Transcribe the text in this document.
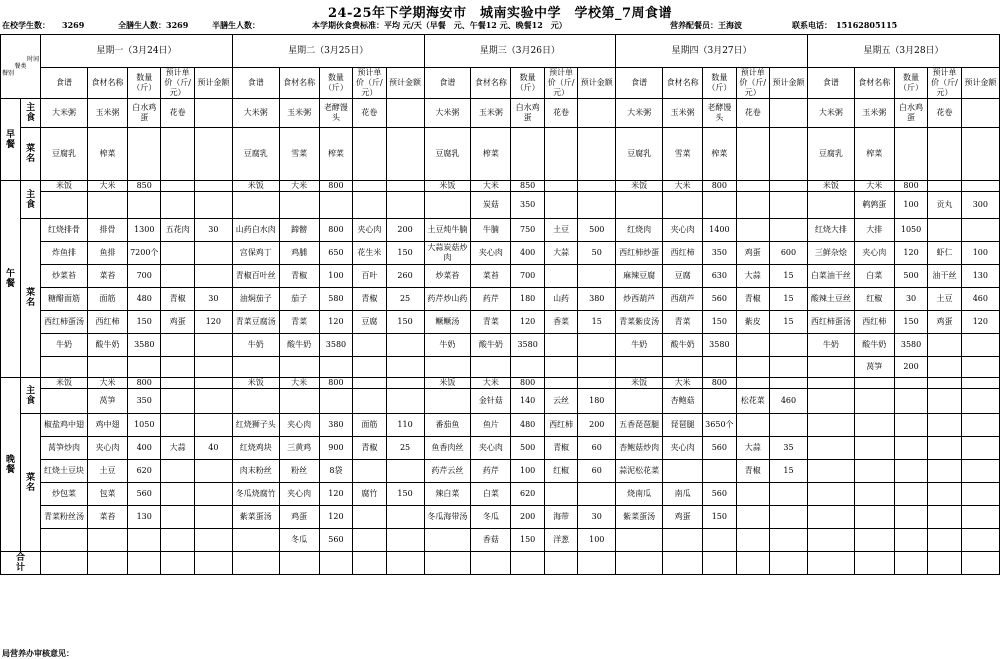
24-25年下学期海安市　城南实验中学　学校第_7周食谱
在校学生数：　　3269	全膳生人数：3269	半膳生人数：	本学期伙食费标准：平均 元/天（早餐　元、午餐12 元、晚餐12　元）	营养配餐员：王海波	联系电话：　15162805115
时间
餐类
餐别		星期一（3月24日）					星期二（3月25日）					星期三（3月26日）					星期四（3月27日）					星期五（3月28日）				
		食谱	食材名称	数量（斤）	预计单价（斤/元）	预计金额	食谱	食材名称	数量（斤）	预计单价（斤/元）	预计金额	食谱	食材名称	数量（斤）	预计单价（斤/元）	预计金额	食谱	食材名称	数量（斤）	预计单价（斤/元）	预计金额	食谱	食材名称	数量（斤）	预计单价（斤/元）	预计金额
早
餐	主
食	大米粥	玉米粥	白水鸡蛋	花卷		大米粥	玉米粥	老酵馒头	花卷		大米粥	玉米粥	白水鸡蛋	花卷		大米粥	玉米粥	老酵馒头	花卷		大米粥	玉米粥	白水鸡蛋	花卷	
	菜
名	豆腐乳	榨菜				豆腐乳	雪菜	榨菜			豆腐乳	榨菜				豆腐乳	雪菜	榨菜			豆腐乳	榨菜			
午
餐	主
食	米饭	大米	850			米饭	大米	800			米饭	大米	850			米饭	大米	800			米饭	大米	800		
													炭菇	350									鹌鹑蛋	100	贡丸	300
	菜
名	红烧排骨	排骨	1300	五花肉	30	山药白水肉	蹄髈	800	夹心肉	200	土豆炖牛腩	牛腩	750	土豆	500	红烧肉	夹心肉	1400			红烧大排	大排	1050		
		炸鱼排	鱼排	7200个			宫保鸡丁	鸡脯	650	花生米	150	大蒜炭菇炒肉	夹心肉	400	大蒜	50	西红柿炒蛋	西红柿	350	鸡蛋	600	三鲜杂烩	夹心肉	120	虾仁	100
		炒菜苔	菜苔	700			青椒百叶丝	青椒	100	百叶	260	炒菜苔	菜苔	700			麻辣豆腐	豆腐	630	大蒜	15	白菜油干丝	白菜	500	油干丝	130
		糖醋面筋	面筋	480	青椒	30	油焖茄子	茄子	580	青椒	25	药芹炒山药	药芹	180	山药	380	炒西葫芦	西葫芦	560	青椒	15	酸辣土豆丝	红椒	30	土豆	460
		西红柿蛋汤	西红柿	150	鸡蛋	120	青菜豆腐汤	青菜	120	豆腐	150	鳜鳜汤	青菜	120	香菜	15	青菜紫皮汤	青菜	150	紫皮	15	西红柿蛋汤	西红柿	150	鸡蛋	120
		牛奶	酸牛奶	3580			牛奶	酸牛奶	3580			牛奶	酸牛奶	3580			牛奶	酸牛奶	3580			牛奶	酸牛奶	3580		
																							莴笋	200		
晚
餐	主
食	米饭	大米	800			米饭	大米	800			米饭	大米	800			米饭	大米	800							
			莴笋	350									金针菇	140	云丝	180		杏鲍菇		松花菜	460					
	菜
名	椒盐鸡中翅	鸡中翅	1050			红烧狮子头	夹心肉	380	面筋	110	番茄鱼	鱼片	480	西红柿	200	五香琵琶腿	琵琶腿	3650个							
		莴笋炒肉	夹心肉	400	大蒜	40	红烧鸡块	三黄鸡	900	青椒	25	鱼香肉丝	夹心肉	500	青椒	60	杏鲍菇炒肉	夹心肉	560	大蒜	35					
		红烧土豆块	土豆	620			肉末粉丝	粉丝	8袋			药芹云丝	药芹	100	红椒	60	蒜泥松花菜			青椒	15					
		炒包菜	包菜	560			冬瓜烧腐竹	夹心肉	120	腐竹	150	辣白菜	白菜	620			烧南瓜	南瓜	560							
		青菜粉丝汤	菜苔	130			紫菜蛋汤	鸡蛋	120			冬瓜海带汤	冬瓜	200	海带	30	紫菜蛋汤	鸡蛋	150							
								冬瓜	560				香菇	150	洋葱	100										
合
计																										
局营养办审核意见：
